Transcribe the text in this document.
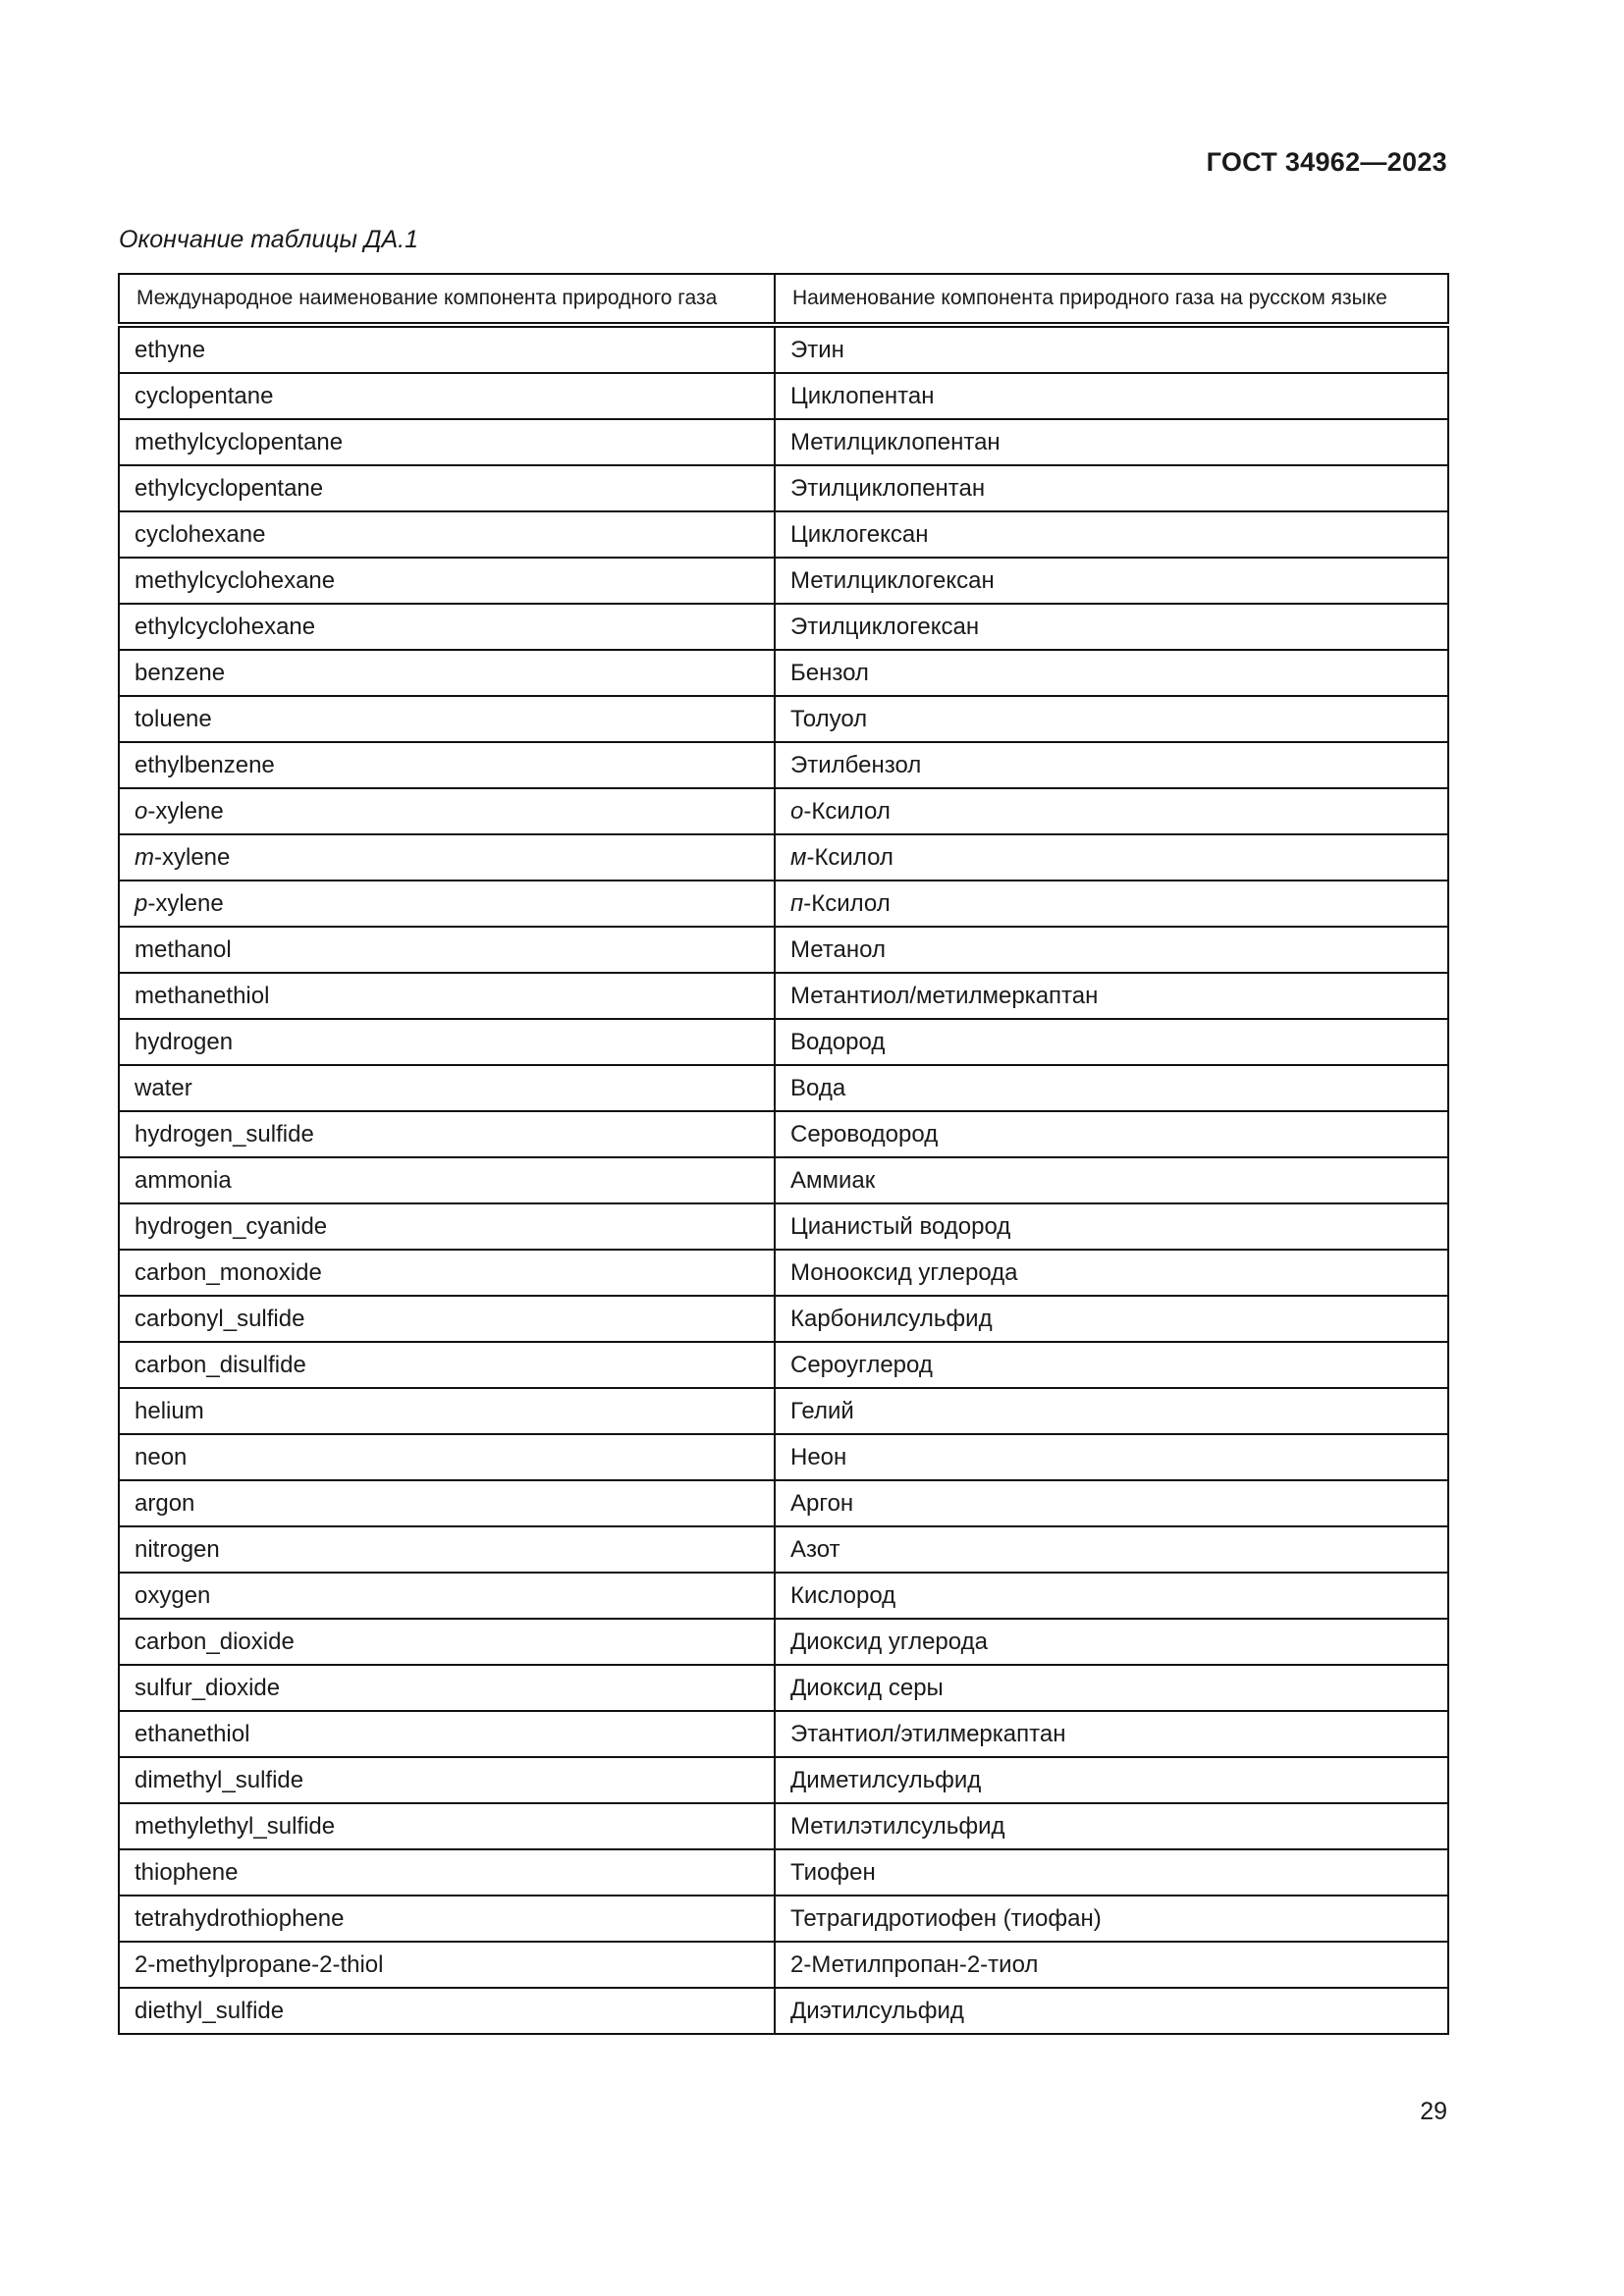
ГОСТ 34962—2023
Окончание таблицы ДА.1
Международное наименование компонента природного газа	Наименование компонента природного газа на русском языке
ethyne	Этин
cyclopentane	Циклопентан
methylcyclopentane	Метилциклопентан
ethylcyclopentane	Этилциклопентан
cyclohexane	Циклогексан
methylcyclohexane	Метилциклогексан
ethylcyclohexane	Этилциклогексан
benzene	Бензол
toluene	Толуол
ethylbenzene	Этилбензол
o-xylene	о-Ксилол
m-xylene	м-Ксилол
p-xylene	п-Ксилол
methanol	Метанол
methanethiol	Метантиол/метилмеркаптан
hydrogen	Водород
water	Вода
hydrogen_sulfide	Сероводород
ammonia	Аммиак
hydrogen_cyanide	Цианистый водород
carbon_monoxide	Монооксид углерода
carbonyl_sulfide	Карбонилсульфид
carbon_disulfide	Сероуглерод
helium	Гелий
neon	Неон
argon	Аргон
nitrogen	Азот
oxygen	Кислород
carbon_dioxide	Диоксид углерода
sulfur_dioxide	Диоксид серы
ethanethiol	Этантиол/этилмеркаптан
dimethyl_sulfide	Диметилсульфид
methylethyl_sulfide	Метилэтилсульфид
thiophene	Тиофен
tetrahydrothiophene	Тетрагидротиофен (тиофан)
2-methylpropane-2-thiol	2-Метилпропан-2-тиол
diethyl_sulfide	Диэтилсульфид
29
